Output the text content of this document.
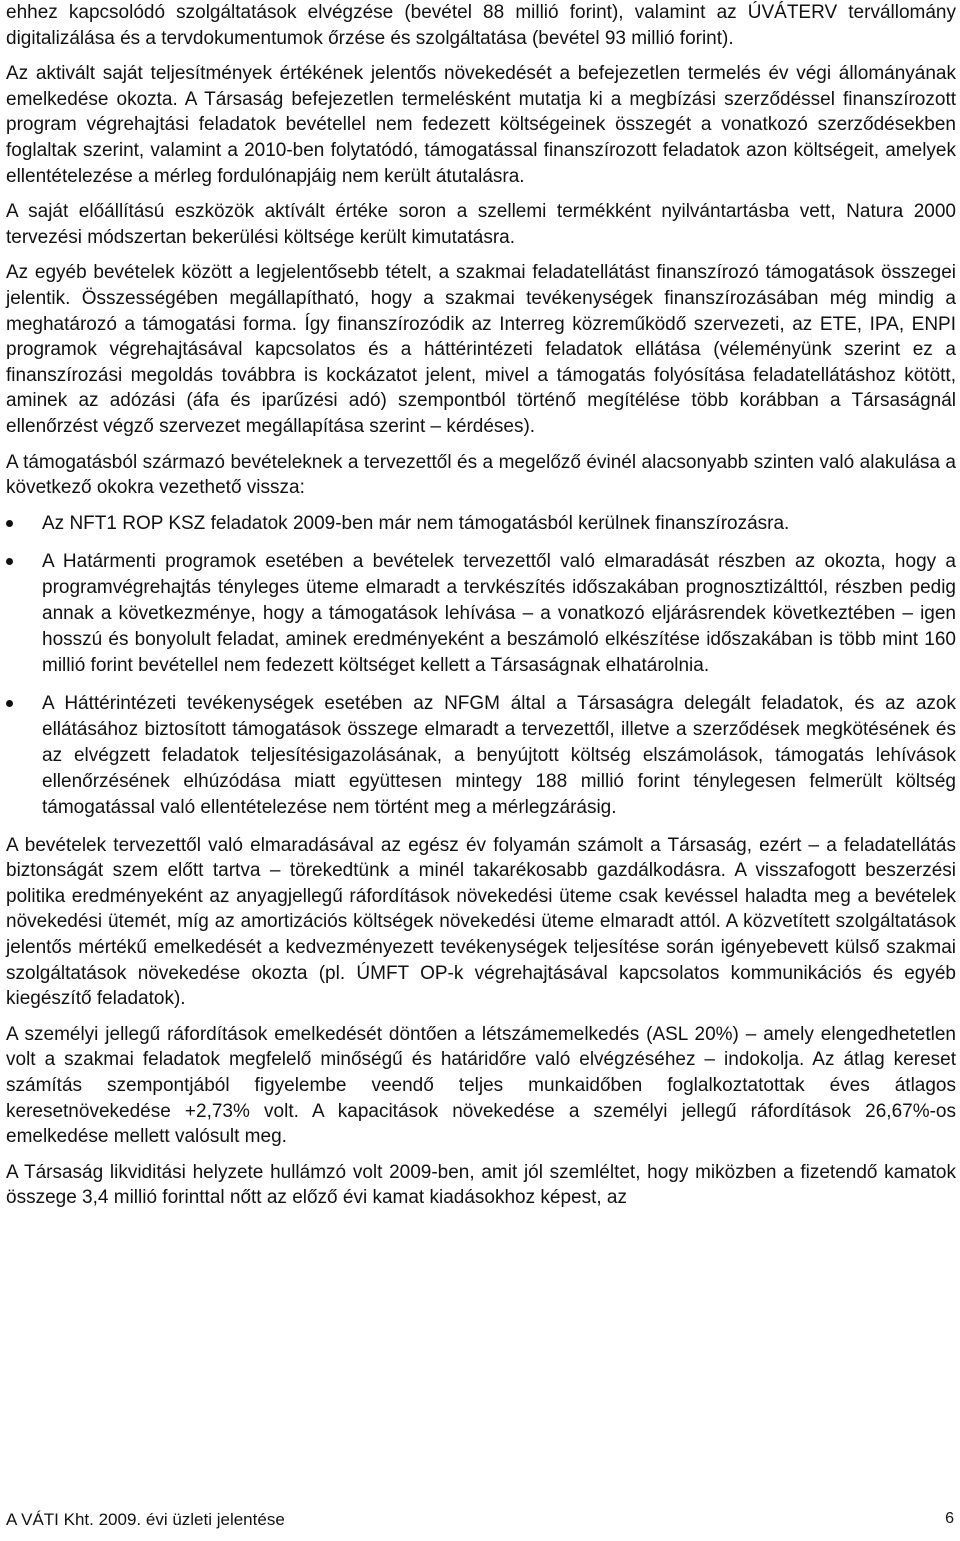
ehhez kapcsolódó szolgáltatások elvégzése (bevétel 88 millió forint), valamint az ÚVÁTERV tervállomány digitalizálása és a tervdokumentumok őrzése és szolgáltatása (bevétel 93 millió forint).

Az aktivált saját teljesítmények értékének jelentős növekedését a befejezetlen termelés év végi állományának emelkedése okozta. A Társaság befejezetlen termelésként mutatja ki a megbízási szerződéssel finanszírozott program végrehajtási feladatok bevétellel nem fedezett költségeinek összegét a vonatkozó szerződésekben foglaltak szerint, valamint a 2010-ben folytatódó, támogatással finanszírozott feladatok azon költségeit, amelyek ellentételezése a mérleg fordulónapjáig nem került átutalásra.

A saját előállítású eszközök aktívált értéke soron a szellemi termékként nyilvántartásba vett, Natura 2000 tervezési módszertan bekerülési költsége került kimutatásra.

Az egyéb bevételek között a legjelentősebb tételt, a szakmai feladatellátást finanszírozó támogatások összegei jelentik. Összességében megállapítható, hogy a szakmai tevékenységek finanszírozásában még mindig a meghatározó a támogatási forma. Így finanszírozódik az Interreg közreműködő szervezeti, az ETE, IPA, ENPI programok végrehajtásával kapcsolatos és a háttérintézeti feladatok ellátása (véleményünk szerint ez a finanszírozási megoldás továbbra is kockázatot jelent, mivel a támogatás folyósítása feladatellátáshoz kötött, aminek az adózási (áfa és iparűzési adó) szempontból történő megítélése több korábban a Társaságnál ellenőrzést végző szervezet megállapítása szerint – kérdéses).

A támogatásból származó bevételeknek a tervezettől és a megelőző évinél alacsonyabb szinten való alakulása a következő okokra vezethető vissza:

Az NFT1 ROP KSZ feladatok 2009-ben már nem támogatásból kerülnek finanszírozásra.
A Határmenti programok esetében a bevételek tervezettől való elmaradását részben az okozta, hogy a programvégrehajtás tényleges üteme elmaradt a tervkészítés időszakában prognosztizálttól, részben pedig annak a következménye, hogy a támogatások lehívása – a vonatkozó eljárásrendek következtében – igen hosszú és bonyolult feladat, aminek eredményeként a beszámoló elkészítése időszakában is több mint 160 millió forint bevétellel nem fedezett költséget kellett a Társaságnak elhatárolnia.
A Háttérintézeti tevékenységek esetében az NFGM által a Társaságra delegált feladatok, és az azok ellátásához biztosított támogatások összege elmaradt a tervezettől, illetve a szerződések megkötésének és az elvégzett feladatok teljesítésigazolásának, a benyújtott költség elszámolások, támogatás lehívások ellenőrzésének elhúzódása miatt együttesen mintegy 188 millió forint ténylegesen felmerült költség támogatással való ellentételezése nem történt meg a mérlegzárásig.

A bevételek tervezettől való elmaradásával az egész év folyamán számolt a Társaság, ezért – a feladatellátás biztonságát szem előtt tartva – törekedtünk a minél takarékosabb gazdálkodásra. A visszafogott beszerzési politika eredményeként az anyagjellegű ráfordítások növekedési üteme csak kevéssel haladta meg a bevételek növekedési ütemét, míg az amortizációs költségek növekedési üteme elmaradt attól. A közvetített szolgáltatások jelentős mértékű emelkedését a kedvezményezett tevékenységek teljesítése során igényebevett külső szakmai szolgáltatások növekedése okozta (pl. ÚMFT OP-k végrehajtásával kapcsolatos kommunikációs és egyéb kiegészítő feladatok).

A személyi jellegű ráfordítások emelkedését döntően a létszámemelkedés (ASL 20%) – amely elengedhetetlen volt a szakmai feladatok megfelelő minőségű és határidőre való elvégzéséhez – indokolja. Az átlag kereset számítás szempontjából figyelembe veendő teljes munkaidőben foglalkoztatottak éves átlagos keresetnövekedése +2,73% volt. A kapacitások növekedése a személyi jellegű ráfordítások 26,67%-os emelkedése mellett valósult meg.

A Társaság likviditási helyzete hullámzó volt 2009-ben, amit jól szemléltet, hogy miközben a fizetendő kamatok összege 3,4 millió forinttal nőtt az előző évi kamat kiadásokhoz képest, az

A VÁTI Kht. 2009. évi üzleti jelentése	6
